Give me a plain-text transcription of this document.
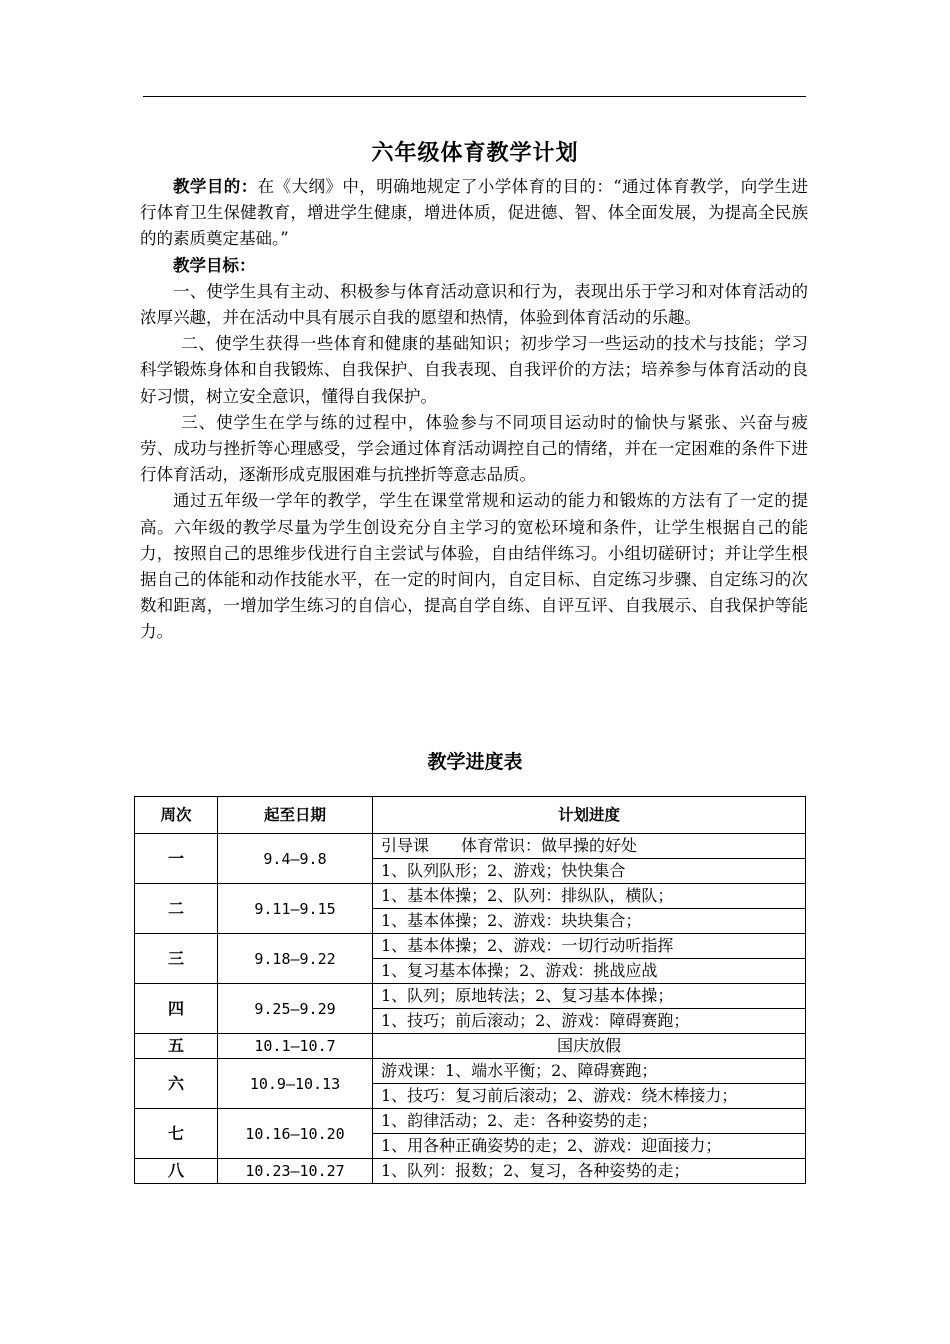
六年级体育教学计划

教学目的：在《大纲》中，明确地规定了小学体育的目的：“通过体育教学，向学生进行体育卫生保健教育，增进学生健康，增进体质，促进德、智、体全面发展，为提高全民族的的素质奠定基础。”

教学目标：

一、使学生具有主动、积极参与体育活动意识和行为，表现出乐于学习和对体育活动的浓厚兴趣，并在活动中具有展示自我的愿望和热情，体验到体育活动的乐趣。

二、使学生获得一些体育和健康的基础知识；初步学习一些运动的技术与技能；学习科学锻炼身体和自我锻炼、自我保护、自我表现、自我评价的方法；培养参与体育活动的良好习惯，树立安全意识，懂得自我保护。

三、使学生在学与练的过程中，体验参与不同项目运动时的愉快与紧张、兴奋与疲劳、成功与挫折等心理感受，学会通过体育活动调控自己的情绪，并在一定困难的条件下进行体育活动，逐渐形成克服困难与抗挫折等意志品质。

通过五年级一学年的教学，学生在课堂常规和运动的能力和锻炼的方法有了一定的提高。六年级的教学尽量为学生创设充分自主学习的宽松环境和条件，让学生根据自己的能力，按照自己的思维步伐进行自主尝试与体验，自由结伴练习。小组切磋研讨；并让学生根据自己的体能和动作技能水平，在一定的时间内，自定目标、自定练习步骤、自定练习的次数和距离，一增加学生练习的自信心，提高自学自练、自评互评、自我展示、自我保护等能力。

教学进度表
周次	起至日期	计划进度
一	9.4—9.8	引导课　　体育常识：做早操的好处
		1、队列队形；2、游戏；快快集合
二	9.11—9.15	1、基本体操；2、队列：排纵队，横队；
		1、基本体操；2、游戏：块块集合；
三	9.18—9.22	1、基本体操；2、游戏：一切行动听指挥
		1、复习基本体操；2、游戏：挑战应战
四	9.25—9.29	1、队列；原地转法；2、复习基本体操；
		1、技巧；前后滚动；2、游戏：障碍赛跑；
五	10.1—10.7	国庆放假
六	10.9—10.13	游戏课：1、端水平衡；2、障碍赛跑；
		1、技巧：复习前后滚动；2、游戏：绕木棒接力；
七	10.16—10.20	1、韵律活动；2、走：各种姿势的走；
		1、用各种正确姿势的走；2、游戏：迎面接力；
八	10.23—10.27	1、队列：报数；2、复习，各种姿势的走；
